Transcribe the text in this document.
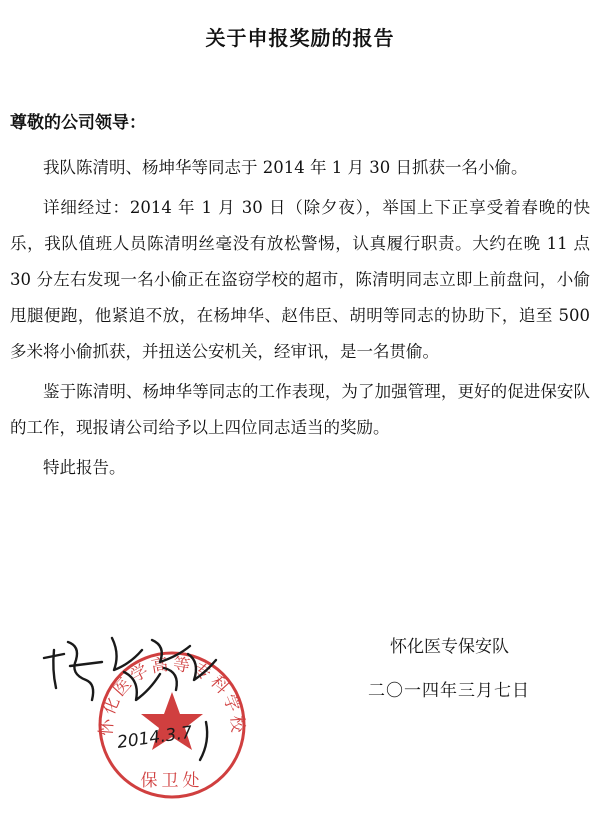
关于申报奖励的报告
尊敬的公司领导：

我队陈清明、杨坤华等同志于 2014 年 1 月 30 日抓获一名小偷。

详细经过：2014 年 1 月 30 日（除夕夜），举国上下正享受着春晚的快乐，我队值班人员陈清明丝毫没有放松警惕，认真履行职责。大约在晚 11 点 30 分左右发现一名小偷正在盗窃学校的超市，陈清明同志立即上前盘问，小偷甩腿便跑，他紧追不放，在杨坤华、赵伟臣、胡明等同志的协助下，追至 500 多米将小偷抓获，并扭送公安机关，经审讯，是一名贯偷。

鉴于陈清明、杨坤华等同志的工作表现，为了加强管理，更好的促进保安队的工作，现报请公司给予以上四位同志适当的奖励。

特此报告。

怀化医专保安队
二〇一四年三月七日
怀化医学高等专科学校
保卫处
2014.3.7
